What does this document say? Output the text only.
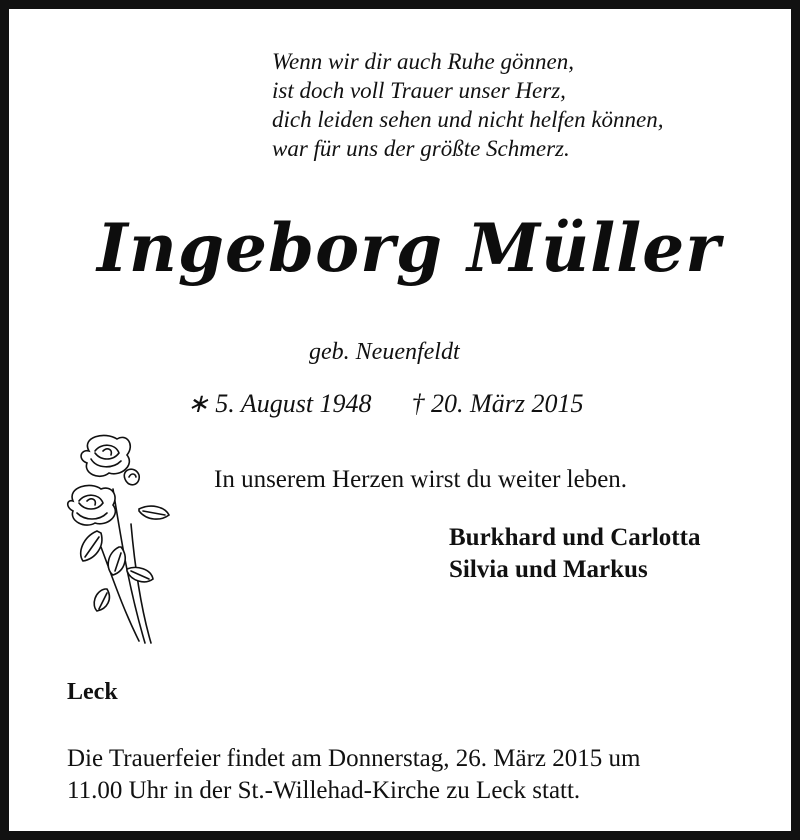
Wenn wir dir auch Ruhe gönnen,
ist doch voll Trauer unser Herz,
dich leiden sehen und nicht helfen können,
war für uns der größte Schmerz.
Ingeborg Müller
geb. Neuenfeldt
∗ 5. August 1948 † 20. März 2015
In unserem Herzen wirst du weiter leben.
Burkhard und Carlotta
Silvia und Markus
Leck
Die Trauerfeier findet am Donnerstag, 26. März 2015 um
11.00 Uhr in der St.-Willehad-Kirche zu Leck statt.
